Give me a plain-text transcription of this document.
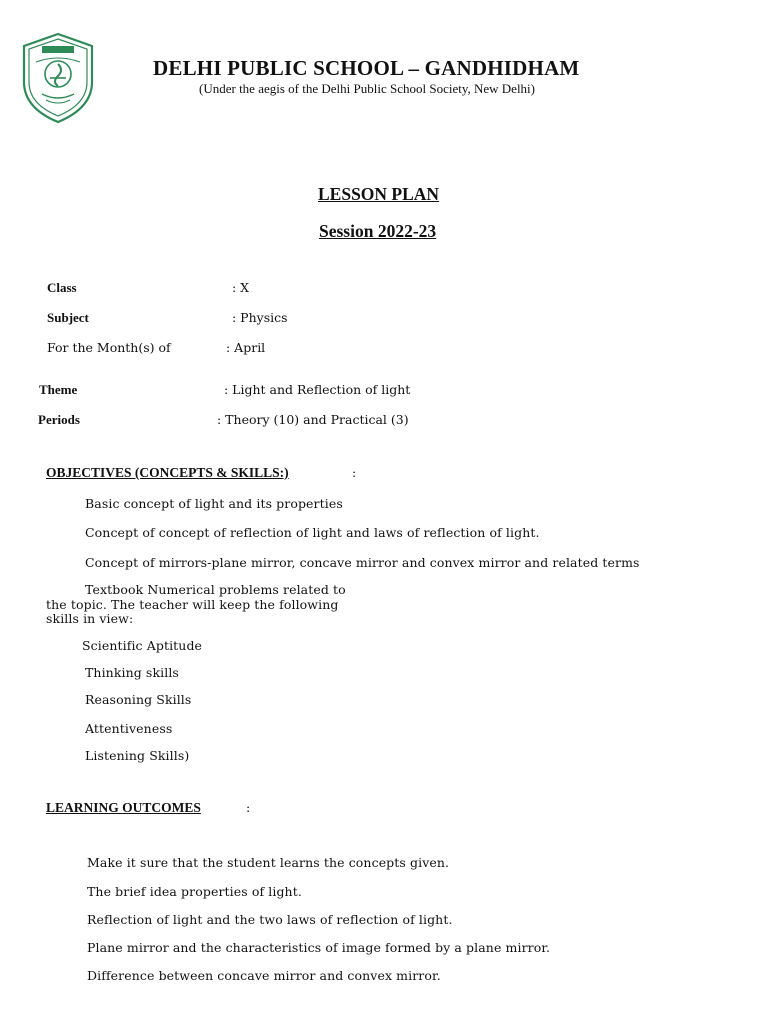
DELHI PUBLIC SCHOOL – GANDHIDHAM
(Under the aegis of the Delhi Public School Society, New Delhi)
LESSON PLAN
Session 2022-23
Class	: X
Subject	: Physics
For the Month(s) of	: April
Theme	: Light and Reflection of light
Periods	: Theory (10) and Practical (3)
OBJECTIVES (CONCEPTS & SKILLS:)	:
Basic concept of light and its properties
Concept of concept of reflection of light and laws of reflection of light.
Concept of mirrors-plane mirror, concave mirror and convex mirror and related terms
Textbook Numerical problems related to
the topic. The teacher will keep the following
skills in view:
Scientific Aptitude
Thinking skills
Reasoning Skills
Attentiveness
Listening Skills)
LEARNING OUTCOMES	:
Make it sure that the student learns the concepts given.
The brief idea properties of light.
Reflection of light and the two laws of reflection of light.
Plane mirror and the characteristics of image formed by a plane mirror.
Difference between concave mirror and convex mirror.
